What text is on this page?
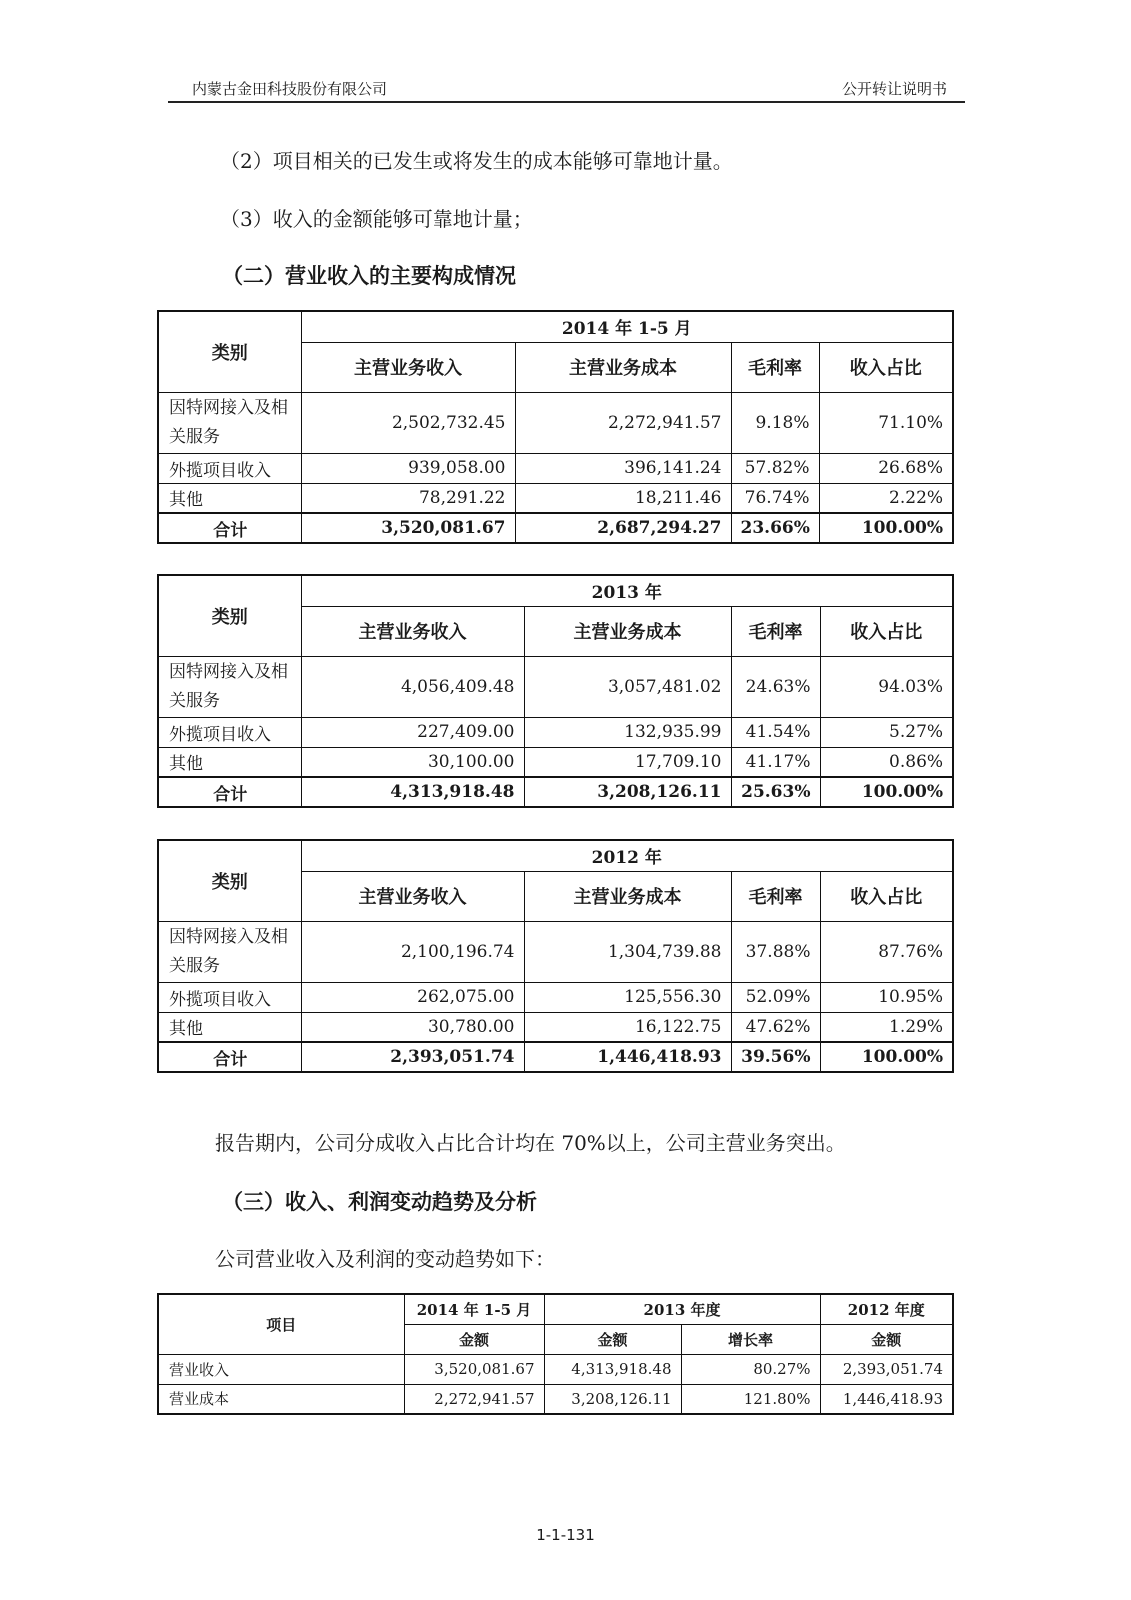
内蒙古金田科技股份有限公司	公开转让说明书
（2）项目相关的已发生或将发生的成本能够可靠地计量。
（3）收入的金额能够可靠地计量；
（二）营业收入的主要构成情况
类别	2014 年 1-5 月			
	主营业务收入	主营业务成本	毛利率	收入占比
因特网接入及相关服务	2,502,732.45	2,272,941.57	9.18%	71.10%
外揽项目收入	939,058.00	396,141.24	57.82%	26.68%
其他	78,291.22	18,211.46	76.74%	2.22%
合计	3,520,081.67	2,687,294.27	23.66%	100.00%
类别	2013 年			
	主营业务收入	主营业务成本	毛利率	收入占比
因特网接入及相关服务	4,056,409.48	3,057,481.02	24.63%	94.03%
外揽项目收入	227,409.00	132,935.99	41.54%	5.27%
其他	30,100.00	17,709.10	41.17%	0.86%
合计	4,313,918.48	3,208,126.11	25.63%	100.00%
类别	2012 年			
	主营业务收入	主营业务成本	毛利率	收入占比
因特网接入及相关服务	2,100,196.74	1,304,739.88	37.88%	87.76%
外揽项目收入	262,075.00	125,556.30	52.09%	10.95%
其他	30,780.00	16,122.75	47.62%	1.29%
合计	2,393,051.74	1,446,418.93	39.56%	100.00%
报告期内，公司分成收入占比合计均在 70%以上，公司主营业务突出。
（三）收入、利润变动趋势及分析
公司营业收入及利润的变动趋势如下：
项目	2014 年 1-5 月	2013 年度		2012 年度
	金额	金额	增长率	金额
营业收入	3,520,081.67	4,313,918.48	80.27%	2,393,051.74
营业成本	2,272,941.57	3,208,126.11	121.80%	1,446,418.93
1-1-131
